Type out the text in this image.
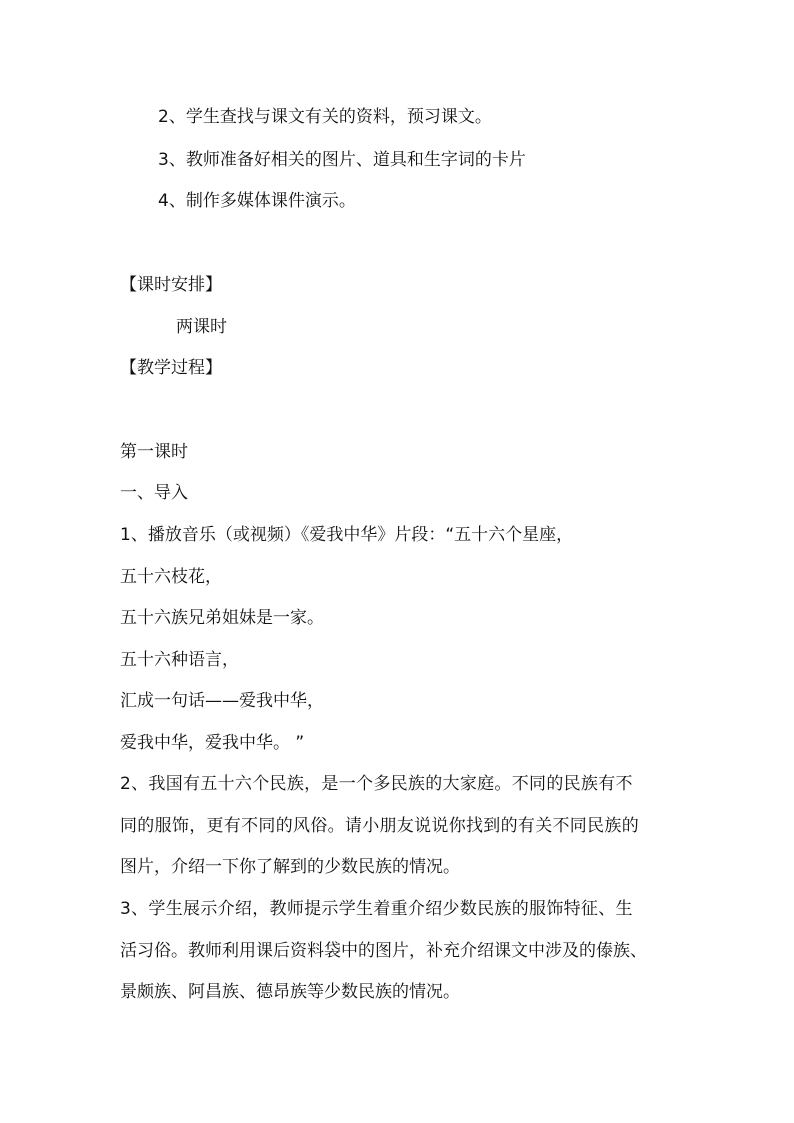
2、学生查找与课文有关的资料，预习课文。
3、教师准备好相关的图片、道具和生字词的卡片
4、制作多媒体课件演示。
【课时安排】
两课时
【教学过程】
第一课时
一、导入
1、播放音乐（或视频）《爱我中华》片段：“五十六个星座，
五十六枝花，
五十六族兄弟姐妹是一家。
五十六种语言，
汇成一句话——爱我中华，
爱我中华，爱我中华。 ”
2、我国有五十六个民族，是一个多民族的大家庭。不同的民族有不
同的服饰，更有不同的风俗。请小朋友说说你找到的有关不同民族的
图片，介绍一下你了解到的少数民族的情况。
3、学生展示介绍，教师提示学生着重介绍少数民族的服饰特征、生
活习俗。教师利用课后资料袋中的图片，补充介绍课文中涉及的傣族、
景颇族、阿昌族、德昂族等少数民族的情况。
